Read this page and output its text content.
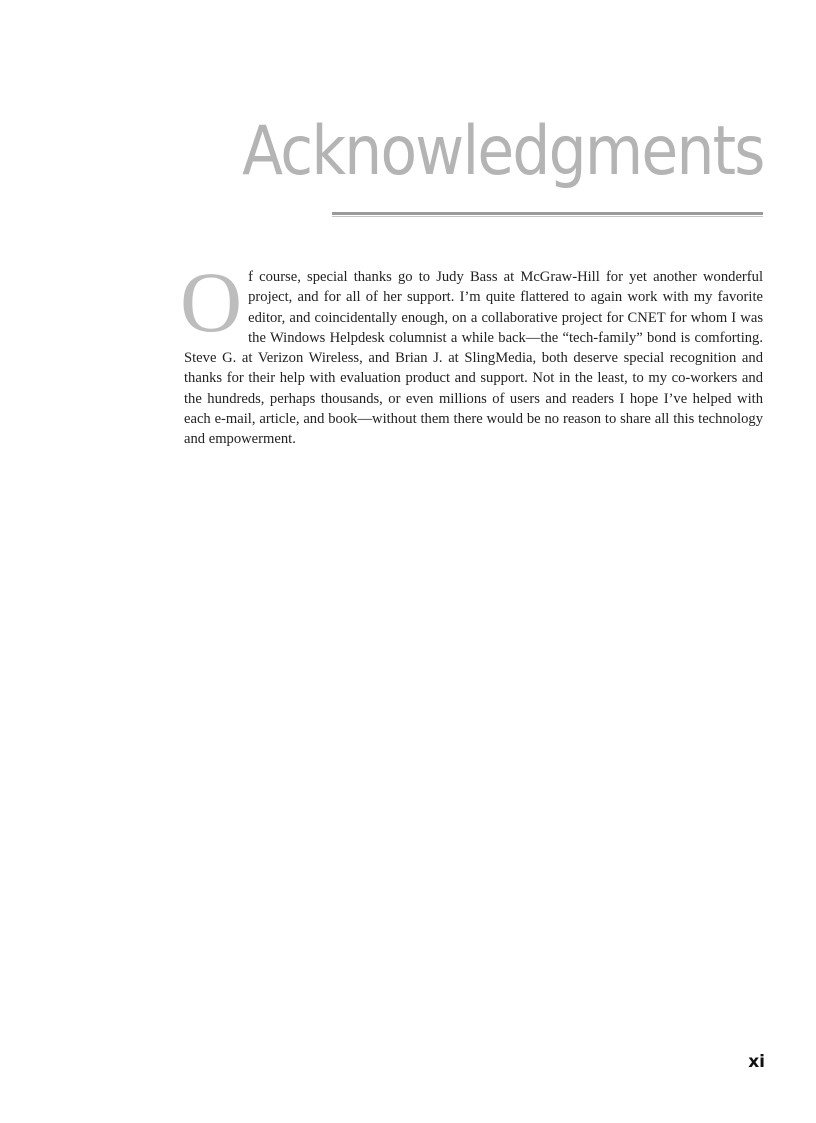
Acknowledgments

Of course, special thanks go to Judy Bass at McGraw-Hill for yet another wonderful project, and for all of her support. I’m quite flattered to again work with my favorite editor, and coincidentally enough, on a collaborative project for CNET for whom I was the Windows Helpdesk columnist a while back—the “tech-family” bond is comforting. Steve G. at Verizon Wireless, and Brian J. at SlingMedia, both deserve special recognition and thanks for their help with evaluation product and support. Not in the least, to my co-workers and the hundreds, perhaps thousands, or even millions of users and readers I hope I’ve helped with each e-mail, article, and book—without them there would be no reason to share all this technology and empowerment.

xi
